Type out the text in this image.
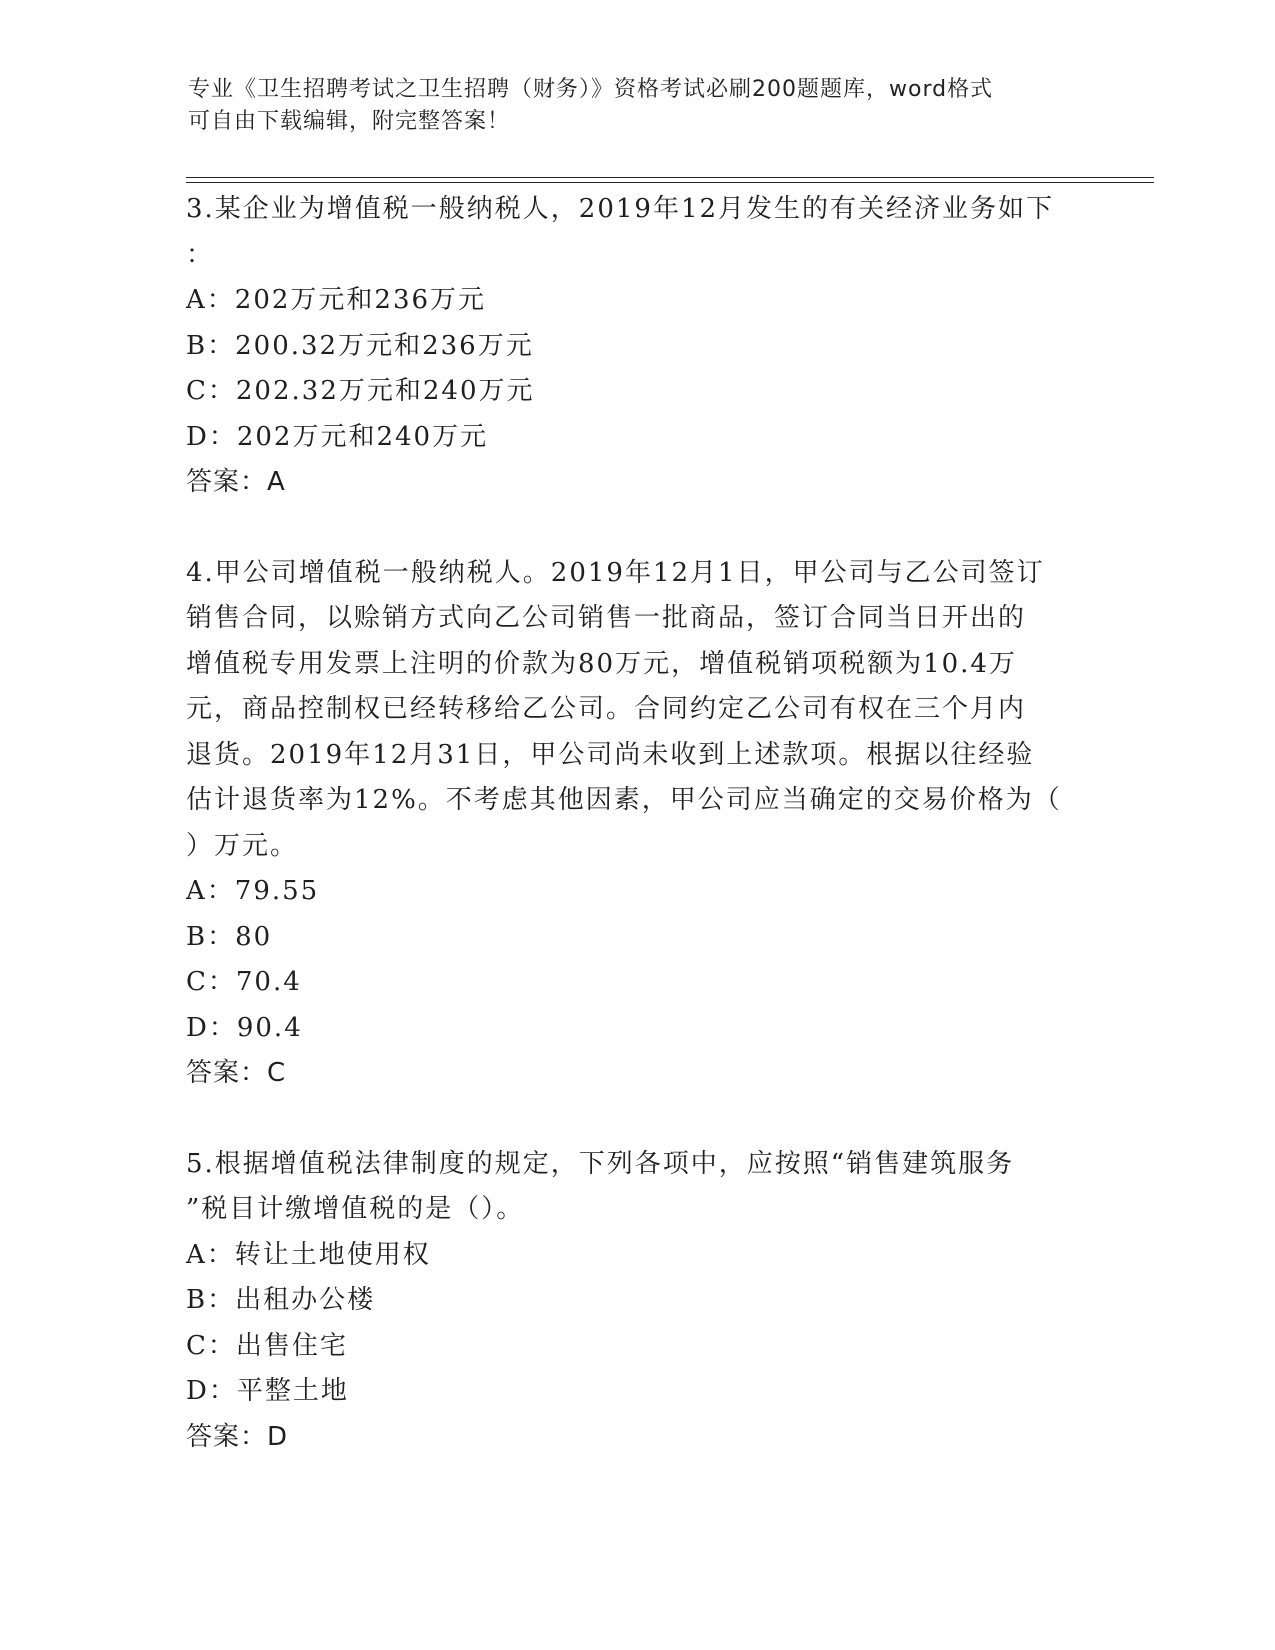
专业《卫生招聘考试之卫生招聘（财务）》资格考试必刷200题题库，word格式
可自由下载编辑，附完整答案！
3.某企业为增值税一般纳税人，2019年12月发生的有关经济业务如下
：
A：202万元和236万元
B：200.32万元和236万元
C：202.32万元和240万元
D：202万元和240万元
答案：A
4.甲公司增值税一般纳税人。2019年12月1日，甲公司与乙公司签订
销售合同，以赊销方式向乙公司销售一批商品，签订合同当日开出的
增值税专用发票上注明的价款为80万元，增值税销项税额为10.4万
元，商品控制权已经转移给乙公司。合同约定乙公司有权在三个月内
退货。2019年12月31日，甲公司尚未收到上述款项。根据以往经验
估计退货率为12%。不考虑其他因素，甲公司应当确定的交易价格为（
）万元。
A：79.55
B：80
C：70.4
D：90.4
答案：C
5.根据增值税法律制度的规定，下列各项中，应按照“销售建筑服务
”税目计缴增值税的是（）。
A：转让土地使用权
B：出租办公楼
C：出售住宅
D：平整土地
答案：D
